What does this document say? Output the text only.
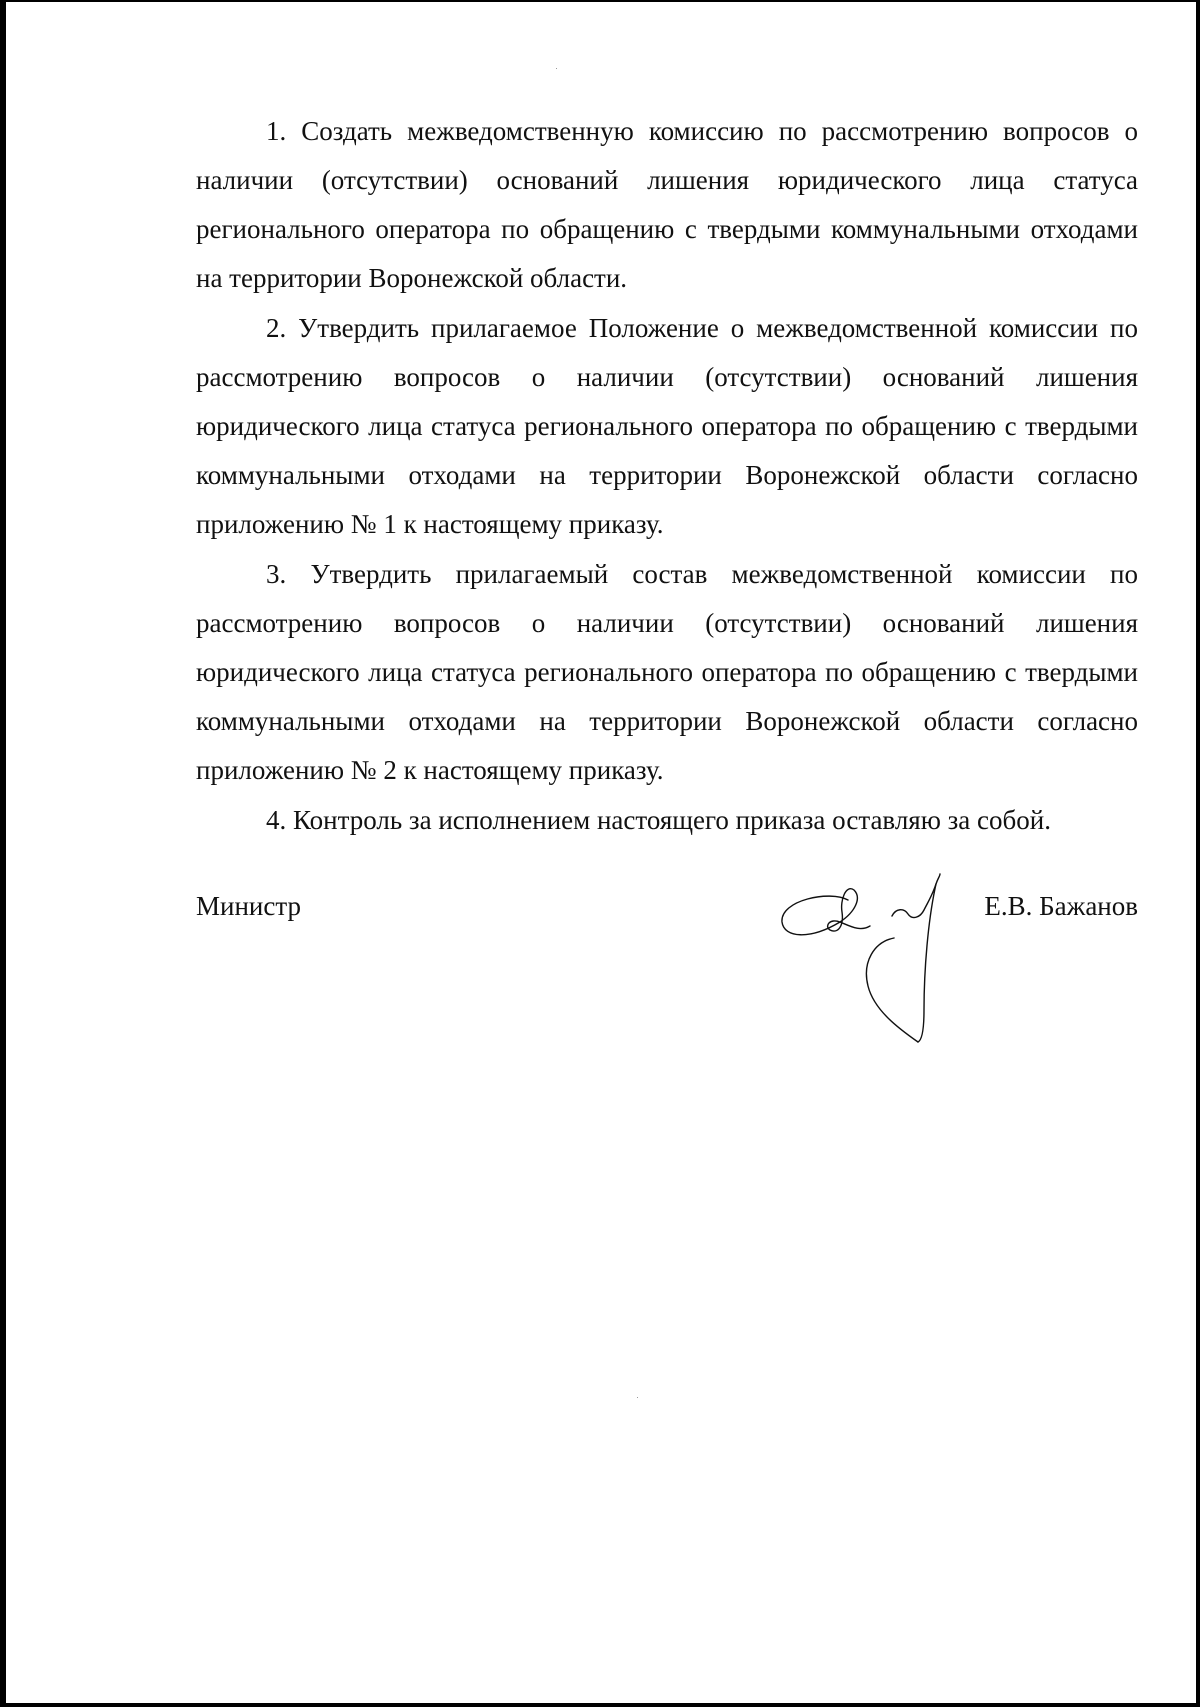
1. Создать межведомственную комиссию по рассмотрению вопросов о наличии (отсутствии) оснований лишения юридического лица статуса регионального оператора по обращению с твердыми коммунальными отходами на территории Воронежской области.

2. Утвердить прилагаемое Положение о межведомственной комиссии по рассмотрению вопросов о наличии (отсутствии) оснований лишения юридического лица статуса регионального оператора по обращению с твердыми коммунальными отходами на территории Воронежской области согласно приложению № 1 к настоящему приказу.

3. Утвердить прилагаемый состав межведомственной комиссии по рассмотрению вопросов о наличии (отсутствии) оснований лишения юридического лица статуса регионального оператора по обращению с твердыми коммунальными отходами на территории Воронежской области согласно приложению № 2 к настоящему приказу.

4. Контроль за исполнением настоящего приказа оставляю за собой.

Министр	Е.В. Бажанов
